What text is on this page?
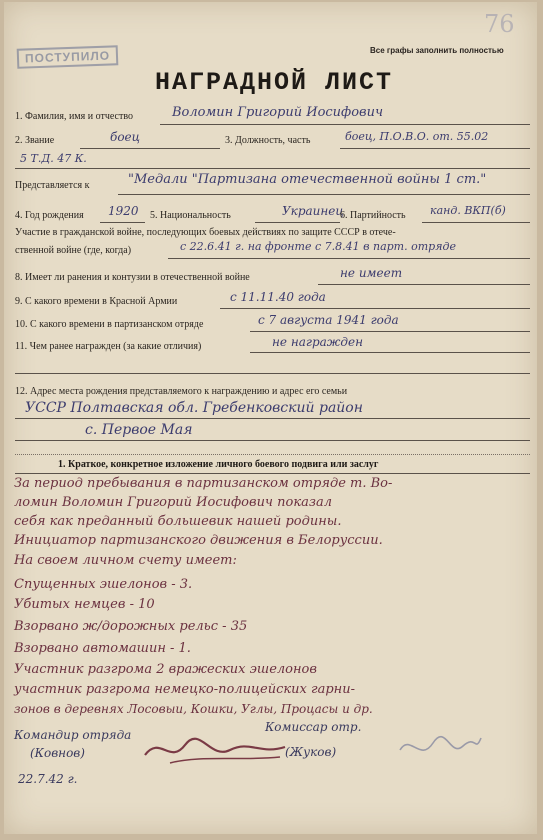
76
Все графы заполнить полностью
ПОСТУПИЛО
НАГРАДНОЙ ЛИСТ
1. Фамилия, имя и отчество	Воломин Григорий Иосифович
2. Звание	боец	3. Должность, часть	боец, П.О.В.О. от. 55.02
5 Т.Д. 47 К.
Представляется к	"Медали "Партизана отечественной войны 1 ст."
4. Год рождения 1920 5. Национальность	Украинец
6. Партийность канд. ВКП(б)
Участие в гражданской войне, последующих боевых действиях по защите СССР в отече-
ственной войне (где, когда)	с 22.6.41 г. на фронте с 7.8.41 в парт. отряде
8. Имеет ли ранения и контузии в отечественной войне	не имеет
9. С какого времени в Красной Армии	с 11.11.40 года
10. С какого времени в партизанском отряде	с 7 августа 1941 года
11. Чем ранее награжден (за какие отличия)	не награжден
12. Адрес места рождения представляемого к награждению и адрес его семьи
УССР Полтавская обл. Гребенковский район
с. Первое Мая
1. Краткое, конкретное изложение личного боевого подвига или заслуг
За период пребывания в партизанском отряде т. Во-
ломин Воломин Григорий Иосифович показал
себя как преданный большевик нашей родины.
Инициатор партизанского движения в Белоруссии.
На своем личном счету имеет:
Спущенных эшелонов - 3.
Убитых немцев - 10
Взорвано ж/дорожных рельс - 35
Взорвано автомашин - 1.
Участник разгрома 2 вражеских эшелонов
участник разгрома немецко-полицейских гарни-
зонов в деревнях Лосовыи, Кошки, Углы, Процасы и др.
Командир отряда
(Ковнов)
Комиссар отр.
(Жуков)
22.7.42 г.
